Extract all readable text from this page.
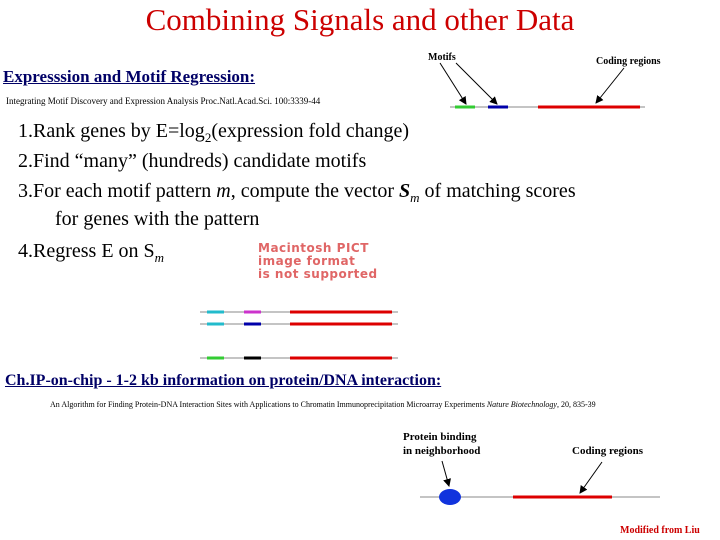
Combining Signals and other Data
Expresssion and Motif Regression:
Integrating Motif Discovery and Expression Analysis Proc.Natl.Acad.Sci. 100:3339-44
Motifs	Coding regions
1.Rank genes by $E=\log_2(expression$ fold change)
2.Find “many” (hundreds) candidate motifs
3.For each motif pattern m, compute the vector $S_m$ of matching scores
for genes with the pattern
4.Regress E on $S_m$
Macintosh PICT
image format
is not supported
Ch.IP-on-chip - 1-2 kb information on protein/DNA interaction:
An Algorithm for Finding Protein-DNA Interaction Sites with Applications to Chromatin Immunoprecipitation Microarray Experiments Nature Biotechnology, 20, 835-39
Protein binding
in neighborhood	Coding regions
Modified from Liu
